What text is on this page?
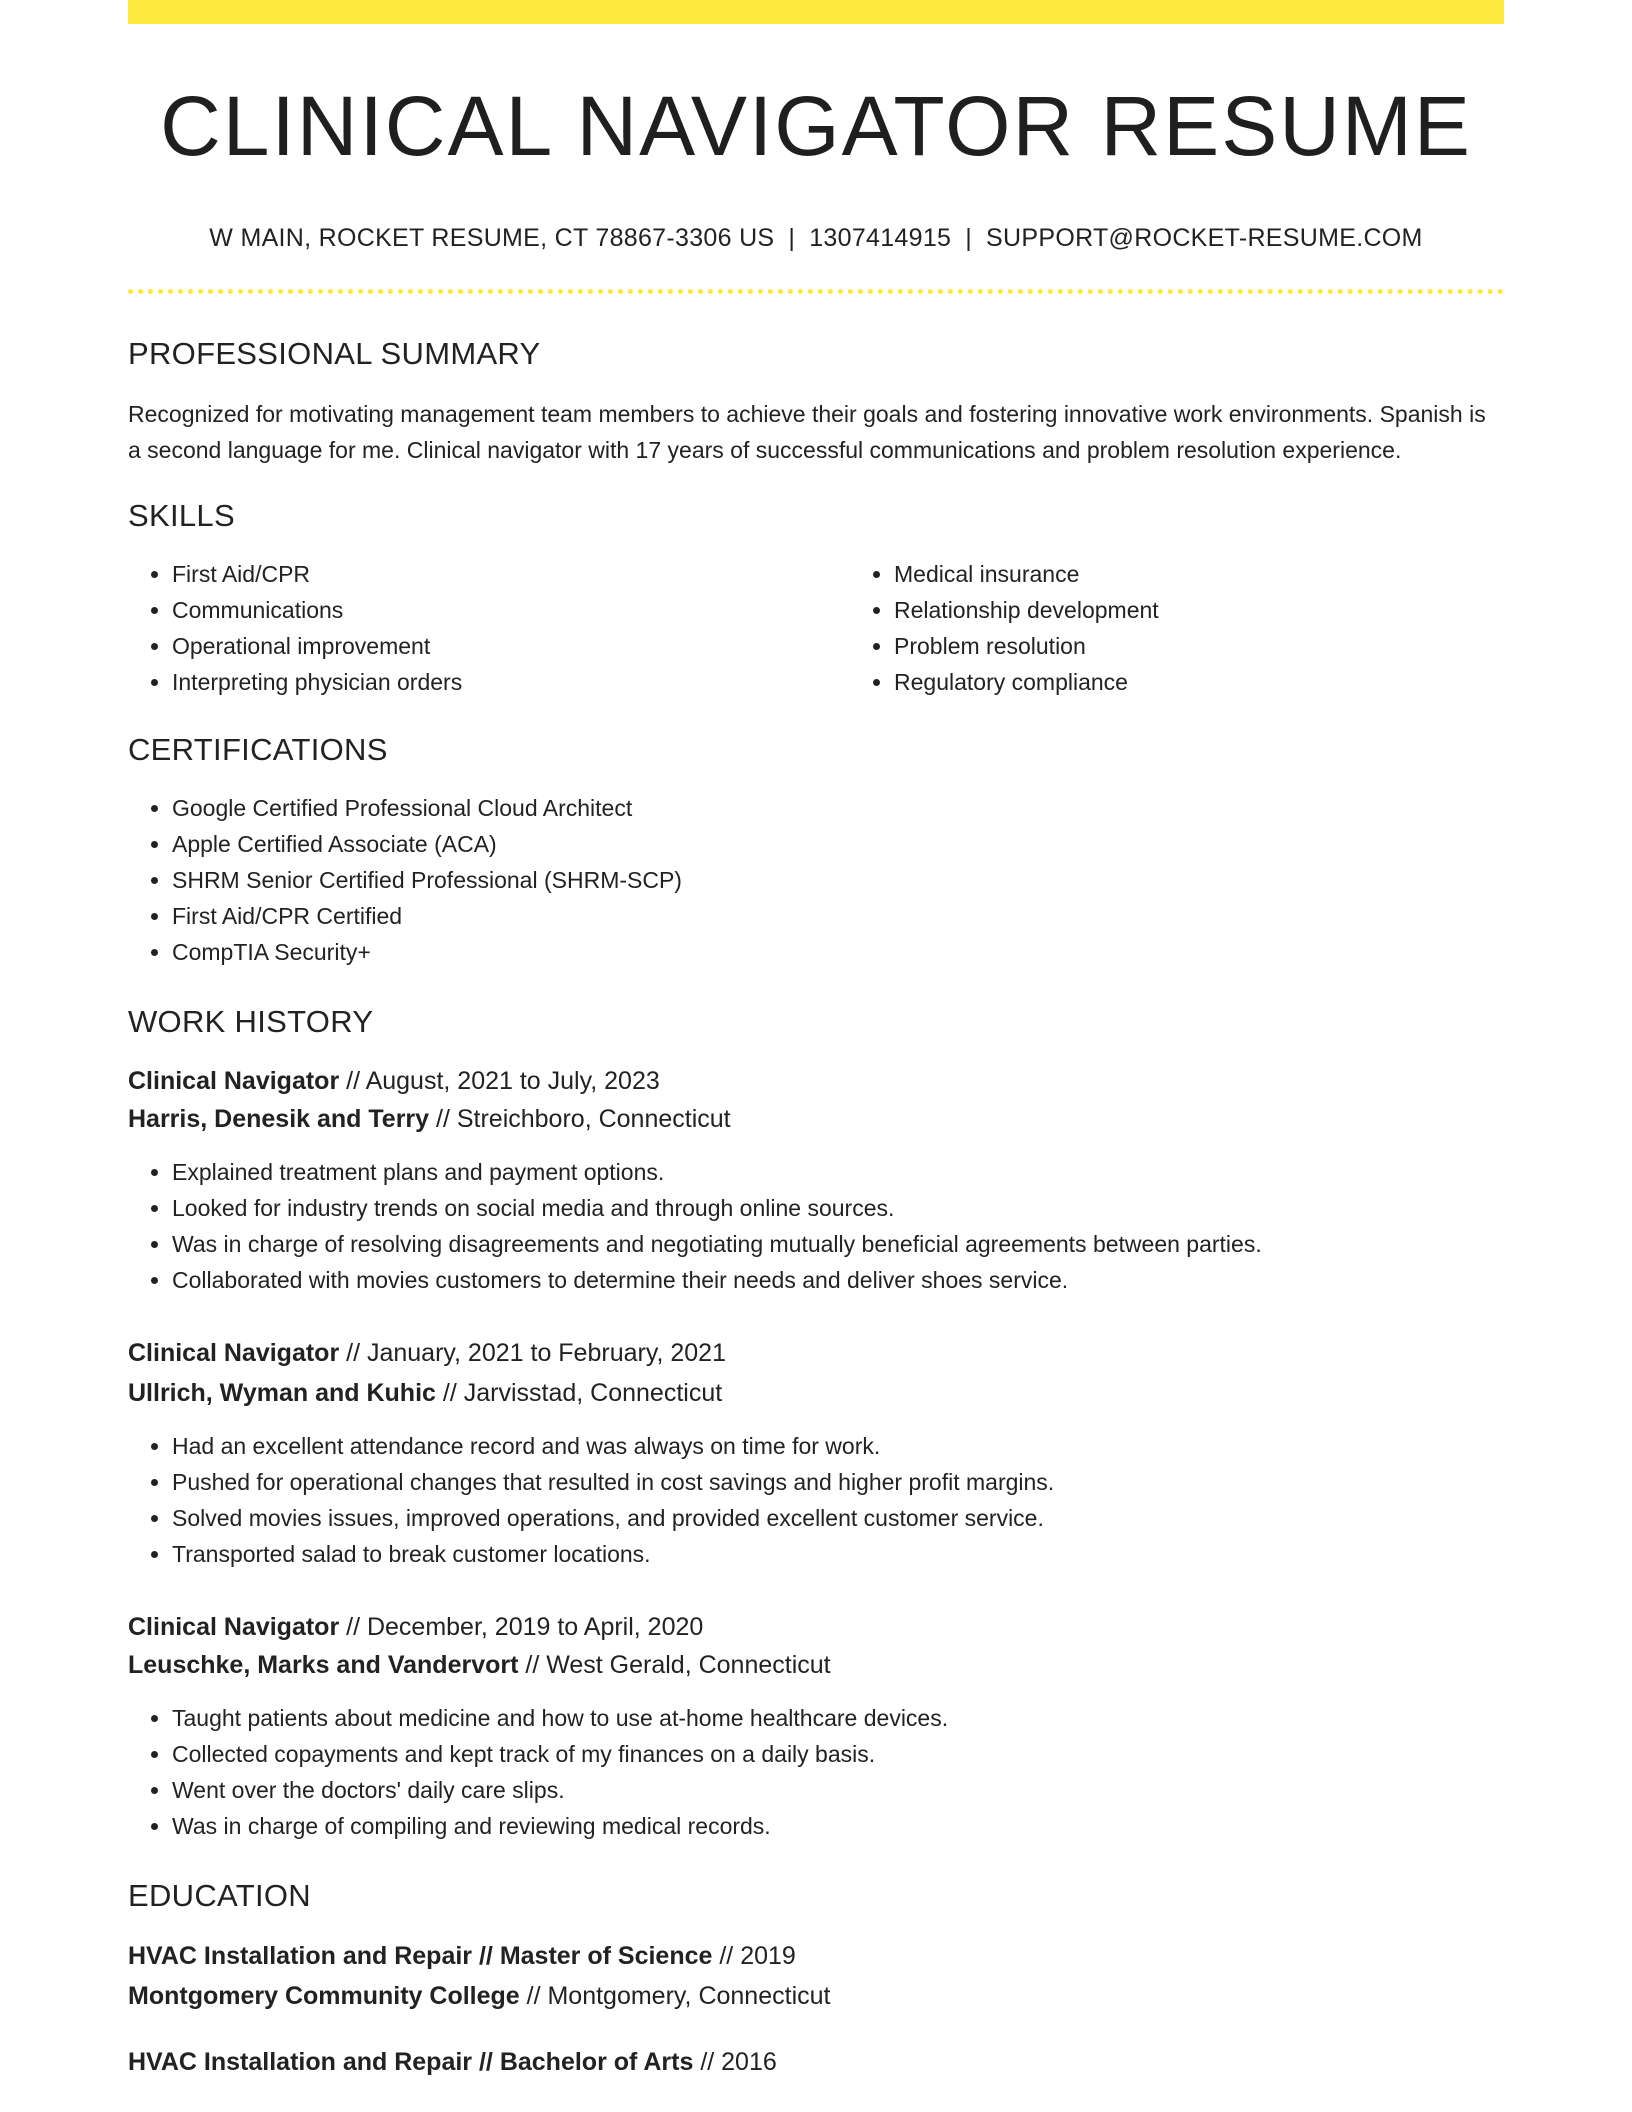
CLINICAL NAVIGATOR RESUME
W MAIN, ROCKET RESUME, CT 78867-3306 US | 1307414915 | SUPPORT@ROCKET-RESUME.COM
PROFESSIONAL SUMMARY

Recognized for motivating management team members to achieve their goals and fostering innovative work environments. Spanish is a second language for me. Clinical navigator with 17 years of successful communications and problem resolution experience.

SKILLS
• First Aid/CPR
• Communications
• Operational improvement
• Interpreting physician orders
• Medical insurance
• Relationship development
• Problem resolution
• Regulatory compliance
CERTIFICATIONS
• Google Certified Professional Cloud Architect
• Apple Certified Associate (ACA)
• SHRM Senior Certified Professional (SHRM-SCP)
• First Aid/CPR Certified
• CompTIA Security+
WORK HISTORY
Clinical Navigator // August, 2021 to July, 2023
Harris, Denesik and Terry // Streichboro, Connecticut
• Explained treatment plans and payment options.
• Looked for industry trends on social media and through online sources.
• Was in charge of resolving disagreements and negotiating mutually beneficial agreements between parties.
• Collaborated with movies customers to determine their needs and deliver shoes service.
Clinical Navigator // January, 2021 to February, 2021
Ullrich, Wyman and Kuhic // Jarvisstad, Connecticut
• Had an excellent attendance record and was always on time for work.
• Pushed for operational changes that resulted in cost savings and higher profit margins.
• Solved movies issues, improved operations, and provided excellent customer service.
• Transported salad to break customer locations.
Clinical Navigator // December, 2019 to April, 2020
Leuschke, Marks and Vandervort // West Gerald, Connecticut
• Taught patients about medicine and how to use at-home healthcare devices.
• Collected copayments and kept track of my finances on a daily basis.
• Went over the doctors' daily care slips.
• Was in charge of compiling and reviewing medical records.
EDUCATION
HVAC Installation and Repair // Master of Science // 2019
Montgomery Community College // Montgomery, Connecticut
HVAC Installation and Repair // Bachelor of Arts // 2016
